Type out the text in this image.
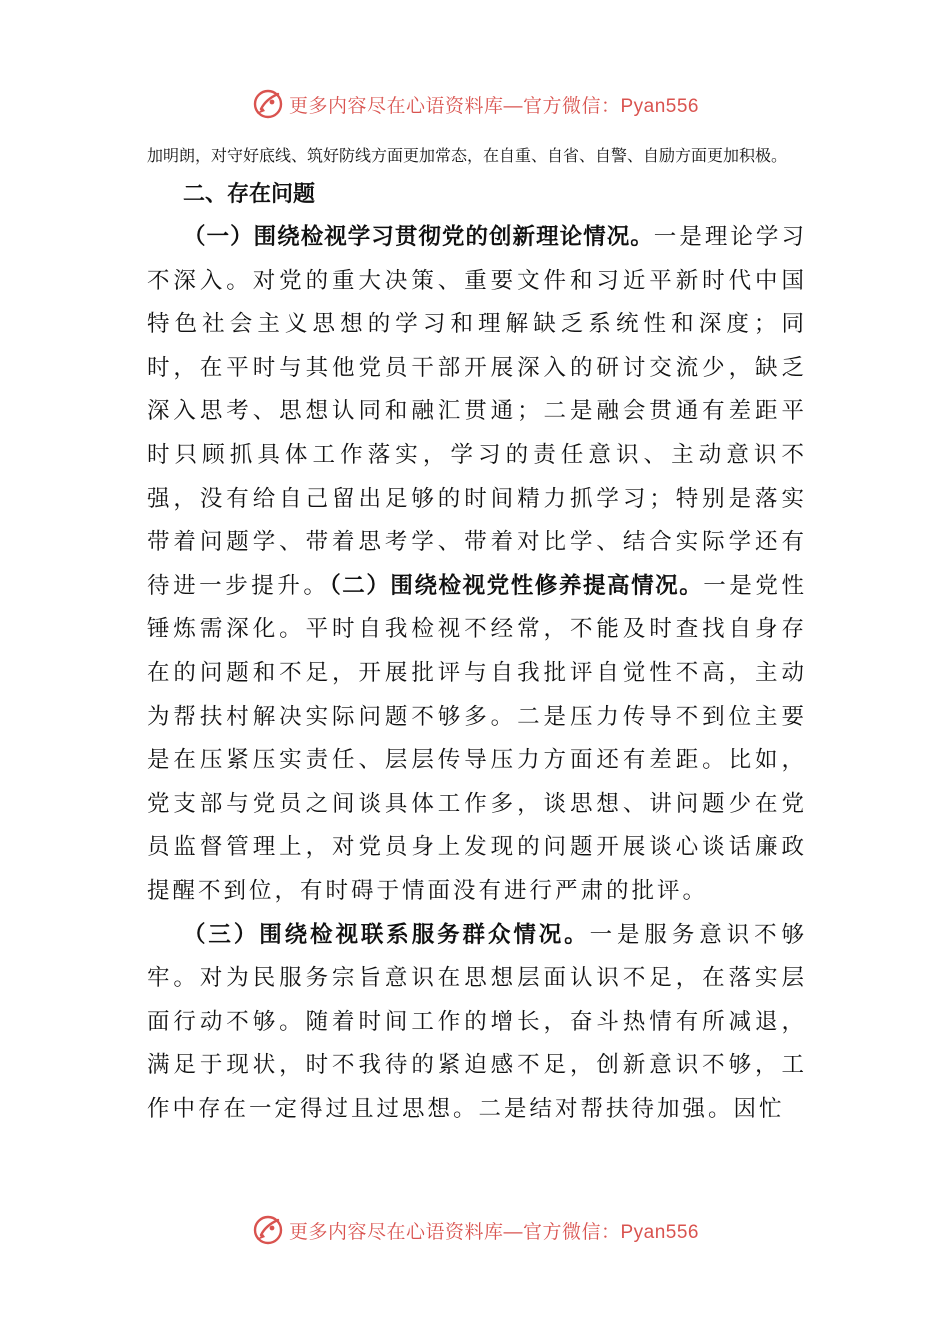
更多内容尽在心语资料库—官方微信：Pyan556

加明朗，对守好底线、筑好防线方面更加常态，在自重、自省、自警、自励方面更加积极。

二、存在问题

（一）围绕检视学习贯彻党的创新理论情况。一是理论学习不深入。对党的重大决策、重要文件和习近平新时代中国特色社会主义思想的学习和理解缺乏系统性和深度；同时，在平时与其他党员干部开展深入的研讨交流少，缺乏深入思考、思想认同和融汇贯通；二是融会贯通有差距平时只顾抓具体工作落实，学习的责任意识、主动意识不强，没有给自己留出足够的时间精力抓学习；特别是落实带着问题学、带着思考学、带着对比学、结合实际学还有待进一步提升。（二）围绕检视党性修养提高情况。一是党性锤炼需深化。平时自我检视不经常，不能及时查找自身存在的问题和不足，开展批评与自我批评自觉性不高，主动为帮扶村解决实际问题不够多。二是压力传导不到位主要是在压紧压实责任、层层传导压力方面还有差距。比如，党支部与党员之间谈具体工作多，谈思想、讲问题少在党员监督管理上，对党员身上发现的问题开展谈心谈话廉政提醒不到位，有时碍于情面没有进行严肃的批评。

（三）围绕检视联系服务群众情况。一是服务意识不够牢。对为民服务宗旨意识在思想层面认识不足，在落实层面行动不够。随着时间工作的增长，奋斗热情有所减退，满足于现状，时不我待的紧迫感不足，创新意识不够，工作中存在一定得过且过思想。二是结对帮扶待加强。因忙

更多内容尽在心语资料库—官方微信：Pyan556
